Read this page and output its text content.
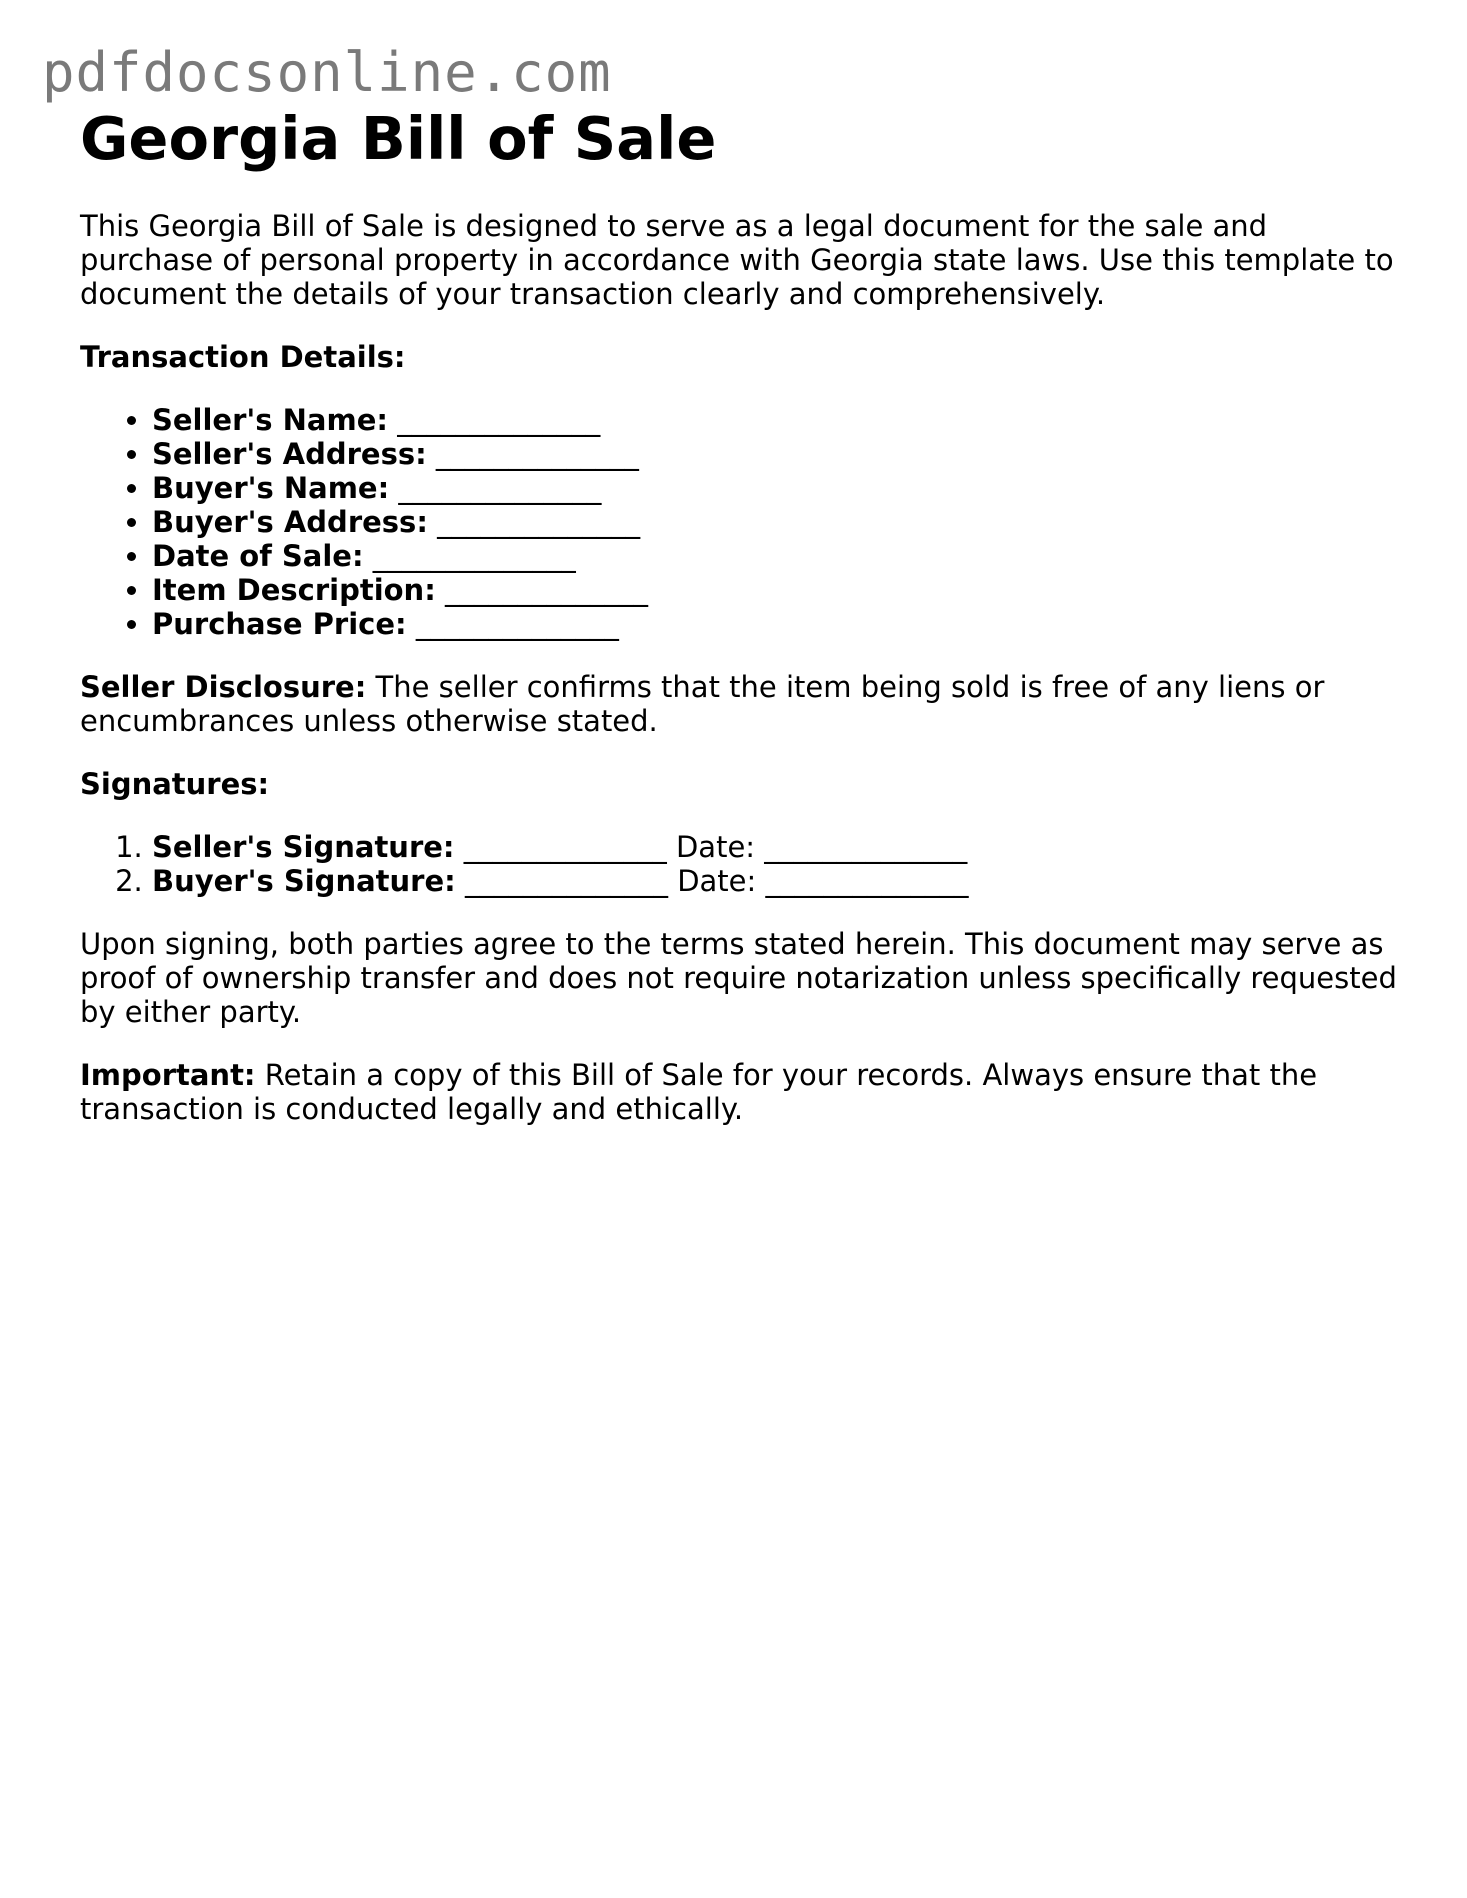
pdfdocsonline.com
Georgia Bill of Sale

This Georgia Bill of Sale is designed to serve as a legal document for the sale and purchase of personal property in accordance with Georgia state laws. Use this template to document the details of your transaction clearly and comprehensively.

Transaction Details:

• Seller's Name: ______________
• Seller's Address: ______________
• Buyer's Name: ______________
• Buyer's Address: ______________
• Date of Sale: ______________
• Item Description: ______________
• Purchase Price: ______________

Seller Disclosure: The seller confirms that the item being sold is free of any liens or encumbrances unless otherwise stated.

Signatures:

1. Seller's Signature: ______________ Date: ______________
2. Buyer's Signature: ______________ Date: ______________

Upon signing, both parties agree to the terms stated herein. This document may serve as proof of ownership transfer and does not require notarization unless specifically requested by either party.

Important: Retain a copy of this Bill of Sale for your records. Always ensure that the transaction is conducted legally and ethically.
